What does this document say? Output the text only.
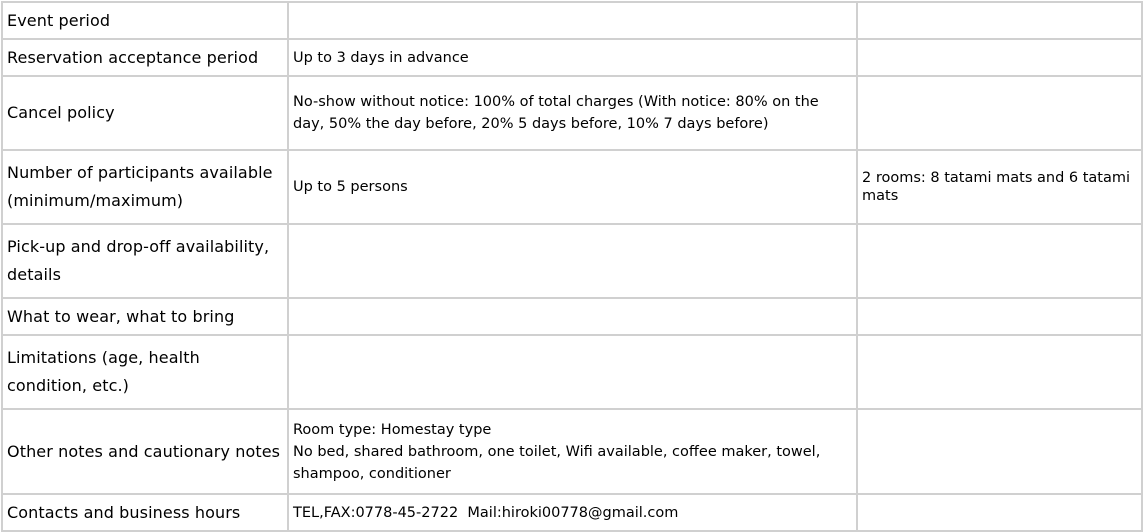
Event period		
Reservation acceptance period	Up to 3 days in advance	

Cancel policy	No-show without notice: 100% of total charges (With notice: 80% on the
day, 50% the day before, 20% 5 days before, 10% 7 days before)	

Number of participants available (minimum/maximum)	Up to 5 persons	2 rooms: 8 tatami mats and 6 tatami mats
Pick-up and drop-off availability, details		
What to wear, what to bring		
Limitations (age, health condition, etc.)		
Other notes and cautionary notes	Room type: Homestay type
No bed, shared bathroom, one toilet, Wifi available, coffee maker, towel,
shampoo, conditioner	

Contacts and business hours	TEL,FAX:0778-45-2722  Mail:hiroki00778@gmail.com	
